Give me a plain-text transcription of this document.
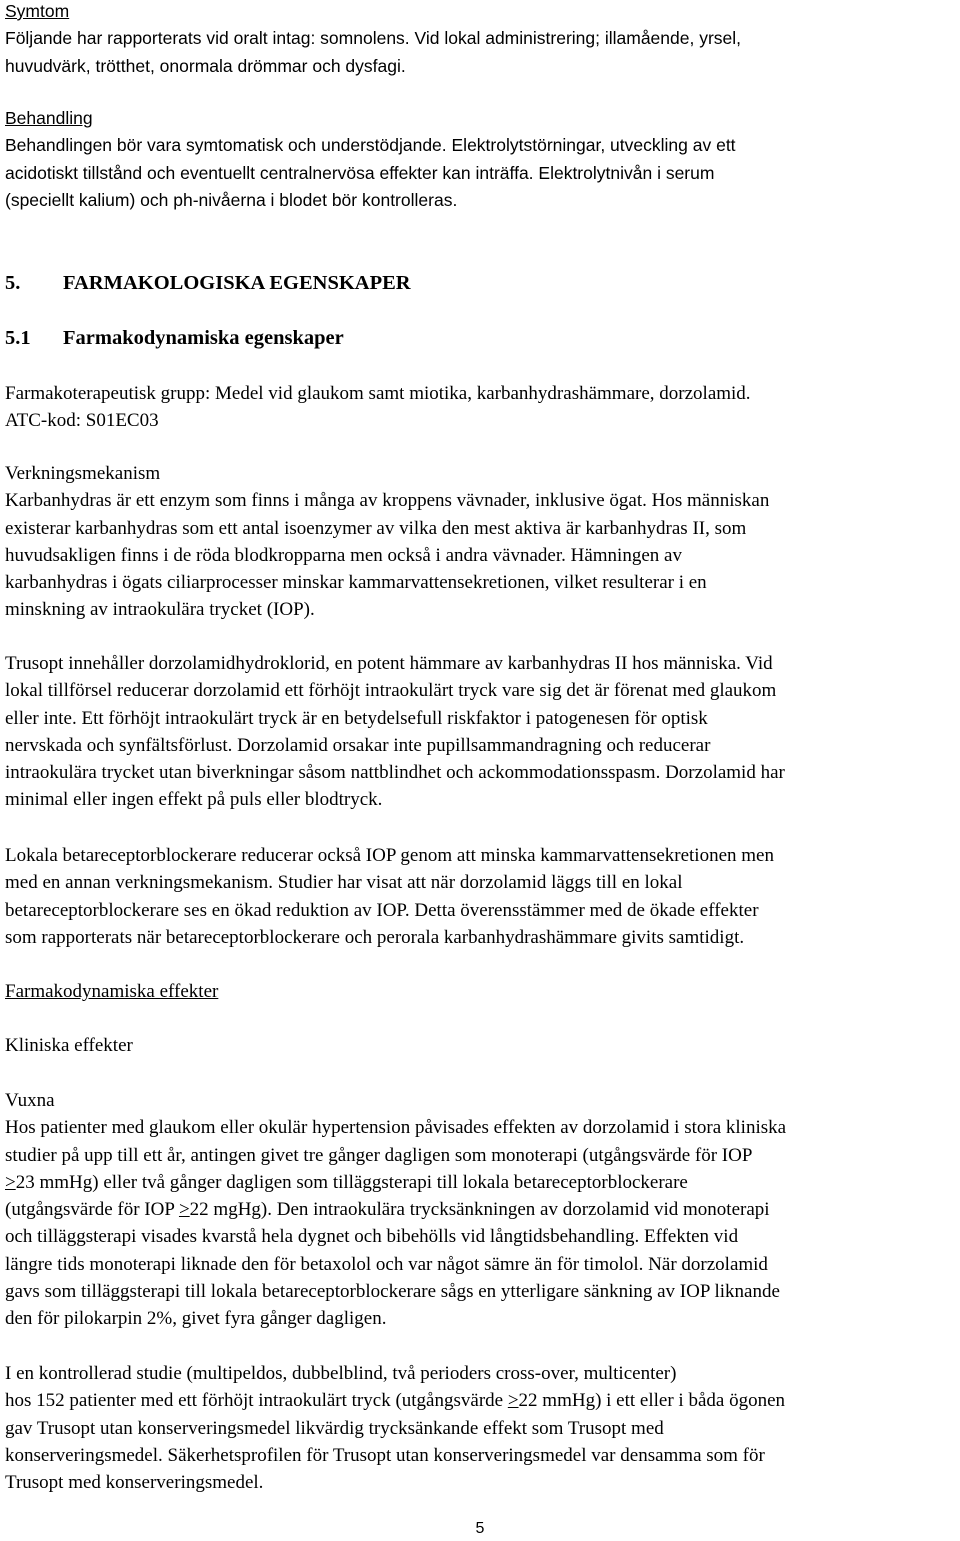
Symtom
Följande har rapporterats vid oralt intag: somnolens. Vid lokal administrering; illamående, yrsel,
huvudvärk, trötthet, onormala drömmar och dysfagi.
Behandling
Behandlingen bör vara symtomatisk och understödjande. Elektrolytstörningar, utveckling av ett
acidotiskt tillstånd och eventuellt centralnervösa effekter kan inträffa. Elektrolytnivån i serum
(speciellt kalium) och ph-nivåerna i blodet bör kontrolleras.
5. FARMAKOLOGISKA EGENSKAPER
5.1 Farmakodynamiska egenskaper
Farmakoterapeutisk grupp: Medel vid glaukom samt miotika, karbanhydrashämmare, dorzolamid.
ATC-kod: S01EC03
Verkningsmekanism
Karbanhydras är ett enzym som finns i många av kroppens vävnader, inklusive ögat. Hos människan
existerar karbanhydras som ett antal isoenzymer av vilka den mest aktiva är karbanhydras II, som
huvudsakligen finns i de röda blodkropparna men också i andra vävnader. Hämningen av
karbanhydras i ögats ciliarprocesser minskar kammarvattensekretionen, vilket resulterar i en
minskning av intraokulära trycket (IOP).
Trusopt innehåller dorzolamidhydroklorid, en potent hämmare av karbanhydras II hos människa. Vid
lokal tillförsel reducerar dorzolamid ett förhöjt intraokulärt tryck vare sig det är förenat med glaukom
eller inte. Ett förhöjt intraokulärt tryck är en betydelsefull riskfaktor i patogenesen för optisk
nervskada och synfältsförlust. Dorzolamid orsakar inte pupillsammandragning och reducerar
intraokulära trycket utan biverkningar såsom nattblindhet och ackommodationsspasm. Dorzolamid har
minimal eller ingen effekt på puls eller blodtryck.
Lokala betareceptorblockerare reducerar också IOP genom att minska kammarvattensekretionen men
med en annan verkningsmekanism. Studier har visat att när dorzolamid läggs till en lokal
betareceptorblockerare ses en ökad reduktion av IOP. Detta överensstämmer med de ökade effekter
som rapporterats när betareceptorblockerare och perorala karbanhydrashämmare givits samtidigt.
Farmakodynamiska effekter
Kliniska effekter
Vuxna
Hos patienter med glaukom eller okulär hypertension påvisades effekten av dorzolamid i stora kliniska
studier på upp till ett år, antingen givet tre gånger dagligen som monoterapi (utgångsvärde för IOP
≥23 mmHg) eller två gånger dagligen som tilläggsterapi till lokala betareceptorblockerare
(utgångsvärde för IOP ≥22 mgHg). Den intraokulära trycksänkningen av dorzolamid vid monoterapi
och tilläggsterapi visades kvarstå hela dygnet och bibehölls vid långtidsbehandling. Effekten vid
längre tids monoterapi liknade den för betaxolol och var något sämre än för timolol. När dorzolamid
gavs som tilläggsterapi till lokala betareceptorblockerare sågs en ytterligare sänkning av IOP liknande
den för pilokarpin 2%, givet fyra gånger dagligen.
I en kontrollerad studie (multipeldos, dubbelblind, två perioders cross-over, multicenter)
hos 152 patienter med ett förhöjt intraokulärt tryck (utgångsvärde ≥22 mmHg) i ett eller i båda ögonen
gav Trusopt utan konserveringsmedel likvärdig trycksänkande effekt som Trusopt med
konserveringsmedel. Säkerhetsprofilen för Trusopt utan konserveringsmedel var densamma som för
Trusopt med konserveringsmedel.
5
